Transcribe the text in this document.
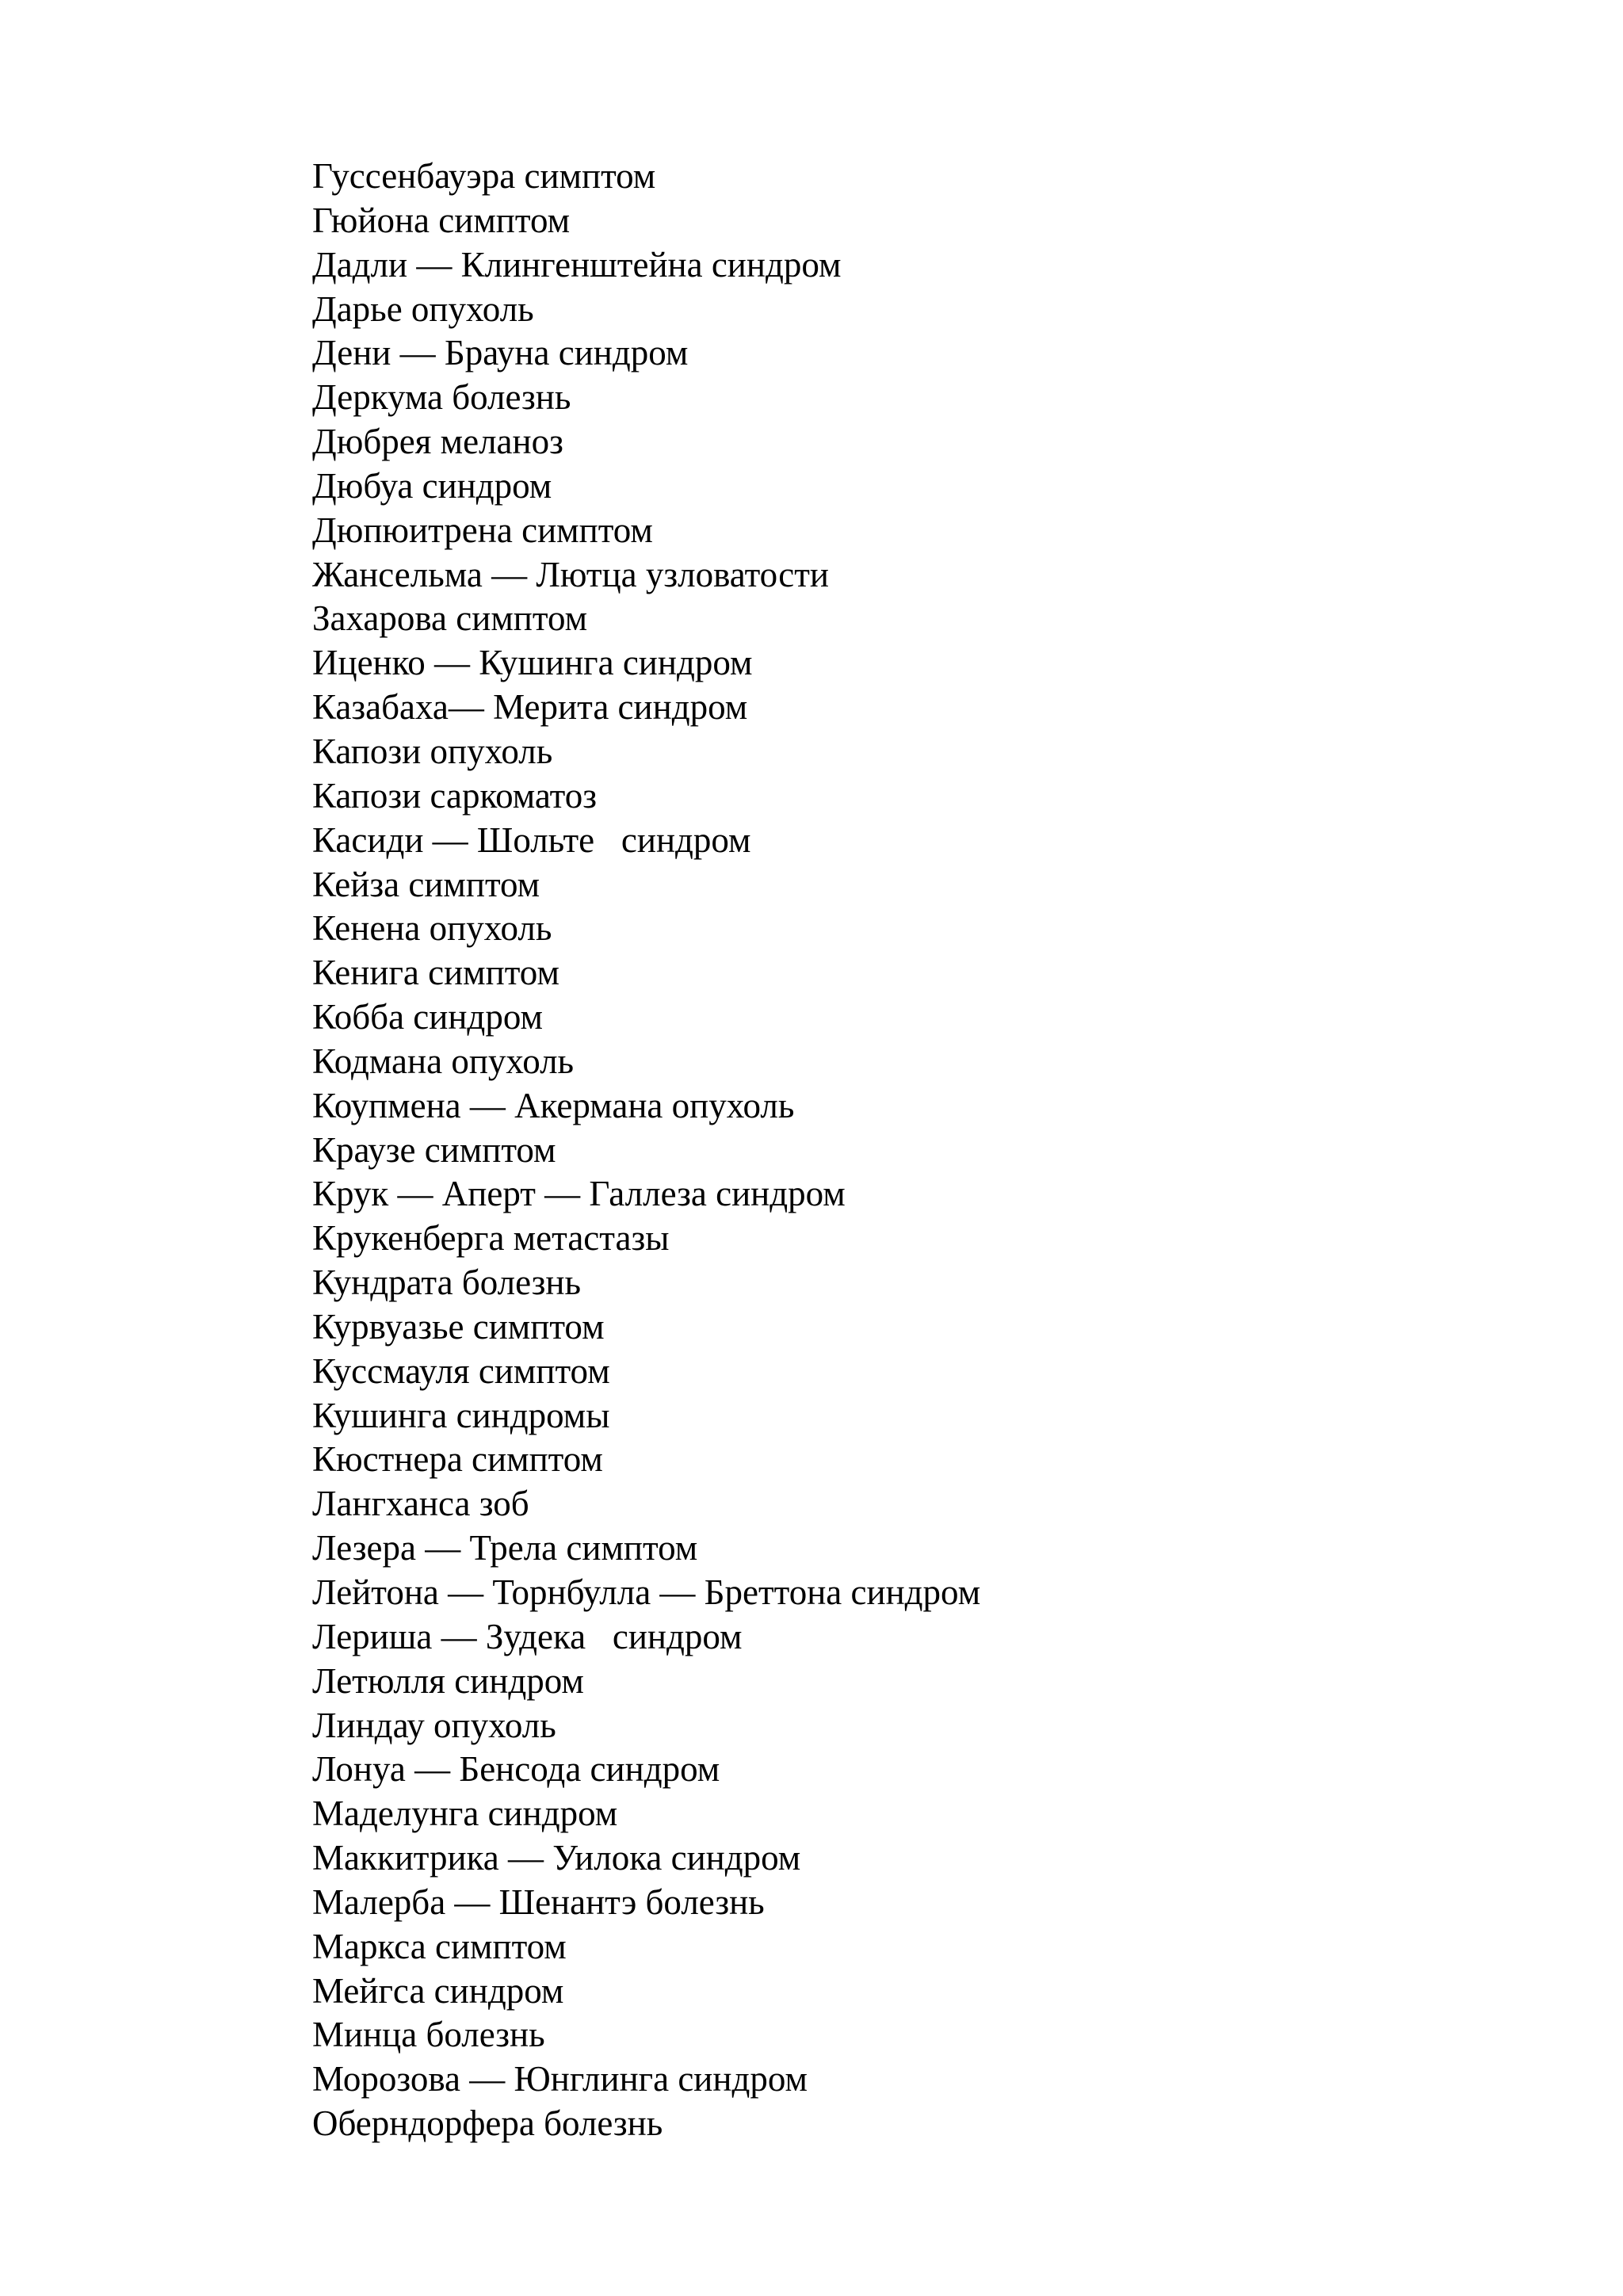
Гуссенбауэра симптом
Гюйона симптом
Дадли — Клингенштейна синдром
Дарье опухоль
Дени — Брауна синдром
Деркума болезнь
Дюбрея меланоз
Дюбуа синдром
Дюпюитрена симптом
Жансельма — Лютца узловатости
Захарова симптом
Иценко — Кушинга синдром
Казабаха— Мерита синдром
Капози опухоль
Капози саркоматоз
Касиди — Шольте   синдром
Кейза симптом
Кенена опухоль
Кенига симптом
Кобба синдром
Кодмана опухоль
Коупмена — Акермана опухоль
Краузе симптом
Крук — Аперт — Галлеза синдром
Крукенберга метастазы
Кундрата болезнь
Курвуазье симптом
Куссмауля симптом
Кушинга синдромы
Кюстнера симптом
Лангханса зоб
Лезера — Трела симптом
Лейтона — Торнбулла — Бреттона синдром
Лериша — Зудека   синдром
Летюлля синдром
Линдау опухоль
Лонуа — Бенсода синдром
Маделунга синдром
Маккитрика — Уилока синдром
Малерба — Шенантэ болезнь
Маркса симптом
Мейгса синдром
Минца болезнь
Морозова — Юнглинга синдром
Оберндорфера болезнь
